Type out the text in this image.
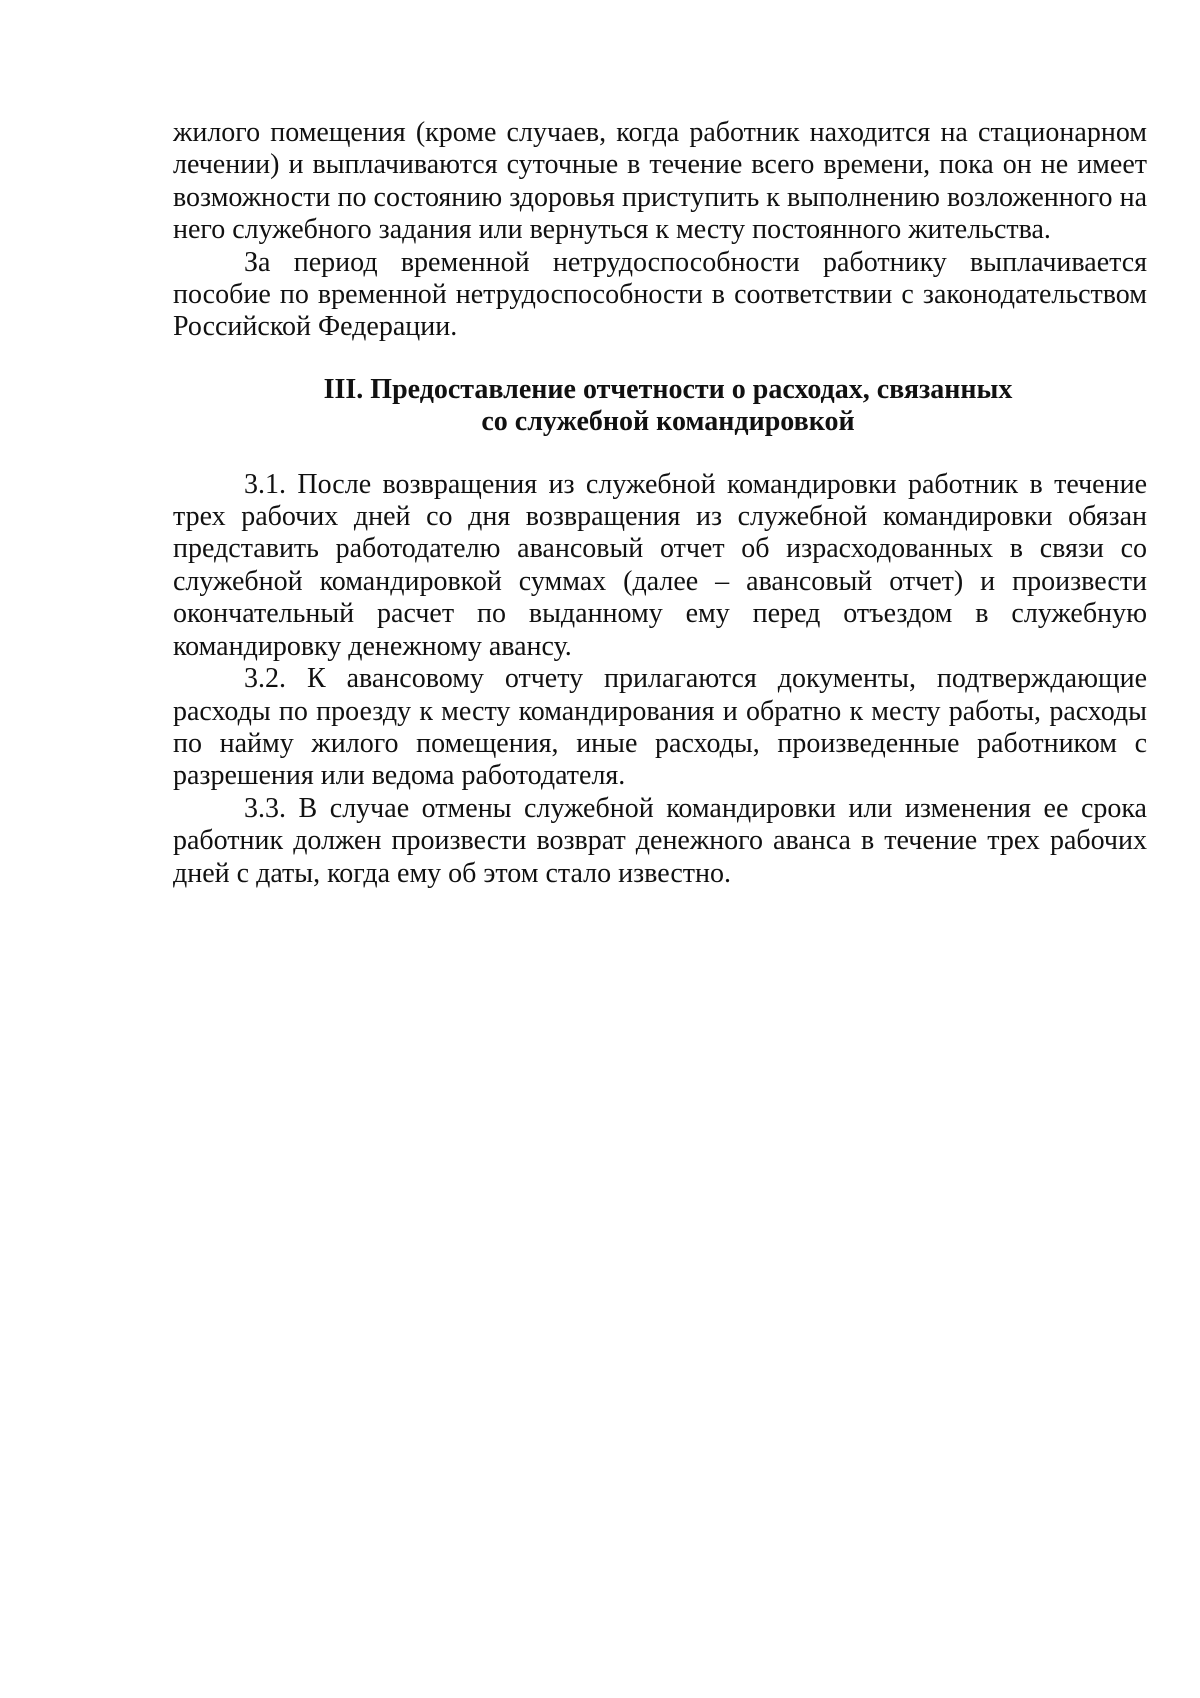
жилого помещения (кроме случаев, когда работник находится на стационарном лечении) и выплачиваются суточные в течение всего времени, пока он не имеет возможности по состоянию здоровья приступить к выполнению возложенного на него служебного задания или вернуться к месту постоянного жительства.

За период временной нетрудоспособности работнику выплачивается пособие по временной нетрудоспособности в соответствии с законодательством Российской Федерации.

III. Предоставление отчетности о расходах, связанных
со служебной командировкой

3.1. После возвращения из служебной командировки работник в течение трех рабочих дней со дня возвращения из служебной командировки обязан представить работодателю авансовый отчет об израсходованных в связи со служебной командировкой суммах (далее – авансовый отчет) и произвести окончательный расчет по выданному ему перед отъездом в служебную командировку денежному авансу.

3.2. К авансовому отчету прилагаются документы, подтверждающие расходы по проезду к месту командирования и обратно к месту работы, расходы по найму жилого помещения, иные расходы, произведенные работником с разрешения или ведома работодателя.

3.3. В случае отмены служебной командировки или изменения ее срока работник должен произвести возврат денежного аванса в течение трех рабочих дней с даты, когда ему об этом стало известно.
